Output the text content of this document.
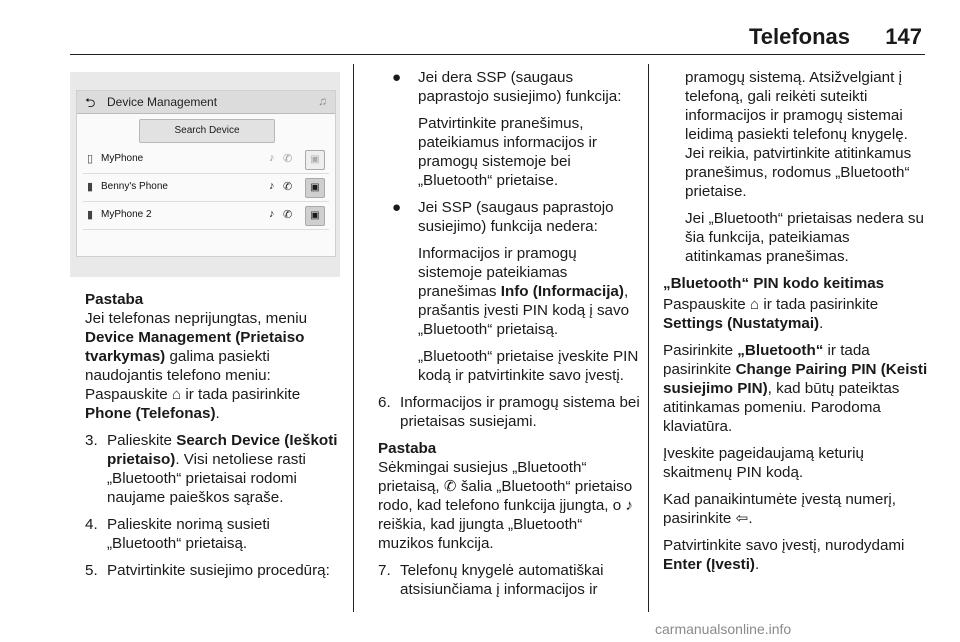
Telefonas 147
⮌ Device Management	♫
Search Device
▯ MyPhone	♪ ✆	▣
▮ Benny's Phone	♪ ✆	▣
▮ MyPhone 2	♪ ✆	▣

Pastaba

Jei telefonas neprijungtas, meniu Device Management (Prietaiso tvarkymas) galima pasiekti naudojantis telefono meniu:
Paspauskite ⌂ ir tada pasirinkite Phone (Telefonas).

3. Palieskite Search Device (Ieškoti prietaiso). Visi netoliese rasti „Bluetooth“ prietaisai rodomi naujame paieškos sąraše.

4. Palieskite norimą susieti „Bluetooth“ prietaisą.

5. Patvirtinkite susiejimo procedūrą:

● Jei dera SSP (saugaus paprastojo susiejimo) funkcija:

Patvirtinkite pranešimus, pateikiamus informacijos ir pramogų sistemoje bei „Bluetooth“ prietaise.

● Jei SSP (saugaus paprastojo susiejimo) funkcija nedera:

Informacijos ir pramogų sistemoje pateikiamas pranešimas Info (Informacija), prašantis įvesti PIN kodą į savo „Bluetooth“ prietaisą.

„Bluetooth“ prietaise įveskite PIN kodą ir patvirtinkite savo įvestį.

6. Informacijos ir pramogų sistema bei prietaisas susiejami.

Pastaba

Sėkmingai susiejus „Bluetooth“ prietaisą, ✆ šalia „Bluetooth“ prietaiso rodo, kad telefono funkcija įjungta, o ♪ reiškia, kad įjungta „Bluetooth“ muzikos funkcija.

7. Telefonų knygelė automatiškai atsisiunčiama į informacijos ir

pramogų sistemą. Atsižvelgiant į telefoną, gali reikėti suteikti informacijos ir pramogų sistemai leidimą pasiekti telefonų knygelę. Jei reikia, patvirtinkite atitinkamus pranešimus, rodomus „Bluetooth“ prietaise.

Jei „Bluetooth“ prietaisas nedera su šia funkcija, pateikiamas atitinkamas pranešimas.

„Bluetooth“ PIN kodo keitimas

Paspauskite ⌂ ir tada pasirinkite Settings (Nustatymai).

Pasirinkite „Bluetooth“ ir tada pasirinkite Change Pairing PIN (Keisti susiejimo PIN), kad būtų pateiktas atitinkamas pomeniu. Parodoma klaviatūra.

Įveskite pageidaujamą keturių skaitmenų PIN kodą.

Kad panaikintumėte įvestą numerį, pasirinkite ⇦.

Patvirtinkite savo įvestį, nurodydami Enter (Įvesti).

carmanualsonline.info
